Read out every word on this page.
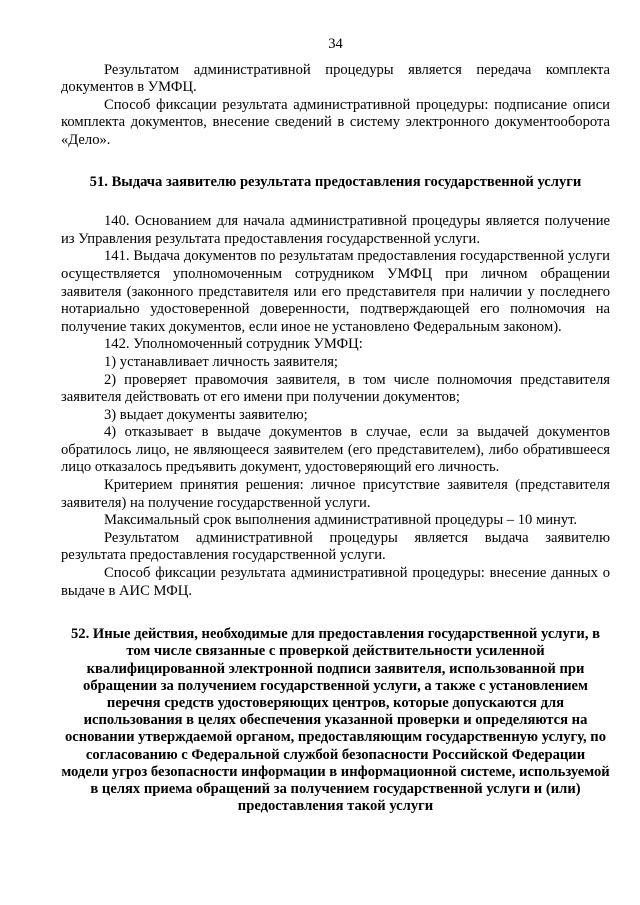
34

Результатом административной процедуры является передача комплекта документов в УМФЦ.

Способ фиксации результата административной процедуры: подписание описи комплекта документов, внесение сведений в систему электронного документооборота «Дело».

51. Выдача заявителю результата предоставления государственной услуги

140. Основанием для начала административной процедуры является получение из Управления результата предоставления государственной услуги.

141. Выдача документов по результатам предоставления государственной услуги осуществляется уполномоченным сотрудником УМФЦ при личном обращении заявителя (законного представителя или его представителя при наличии у последнего нотариально удостоверенной доверенности, подтверждающей его полномочия на получение таких документов, если иное не установлено Федеральным законом).

142. Уполномоченный сотрудник УМФЦ:

1) устанавливает личность заявителя;

2) проверяет правомочия заявителя, в том числе полномочия представителя заявителя действовать от его имени при получении документов;

3) выдает документы заявителю;

4) отказывает в выдаче документов в случае, если за выдачей документов обратилось лицо, не являющееся заявителем (его представителем), либо обратившееся лицо отказалось предъявить документ, удостоверяющий его личность.

Критерием принятия решения: личное присутствие заявителя (представителя заявителя) на получение государственной услуги.

Максимальный срок выполнения административной процедуры – 10 минут.

Результатом административной процедуры является выдача заявителю результата предоставления государственной услуги.

Способ фиксации результата административной процедуры: внесение данных о выдаче в АИС МФЦ.

52. Иные действия, необходимые для предоставления государственной услуги, в том числе связанные с проверкой действительности усиленной квалифицированной электронной подписи заявителя, использованной при обращении за получением государственной услуги, а также с установлением перечня средств удостоверяющих центров, которые допускаются для использования в целях обеспечения указанной проверки и определяются на основании утверждаемой органом, предоставляющим государственную услугу, по согласованию с Федеральной службой безопасности Российской Федерации модели угроз безопасности информации в информационной системе, используемой в целях приема обращений за получением государственной услуги и (или) предоставления такой услуги
